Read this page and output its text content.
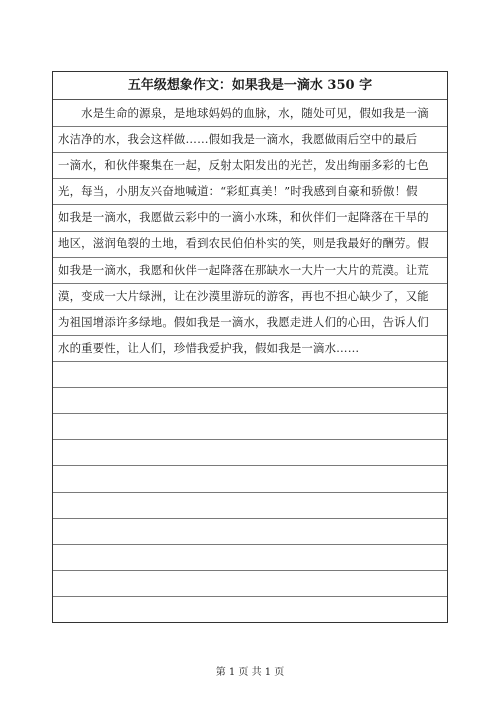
五年级想象作文：如果我是一滴水 350 字
　　水是生命的源泉，是地球妈妈的血脉，水，随处可见，假如我是一滴
水洁净的水，我会这样做……假如我是一滴水，我愿做雨后空中的最后
一滴水，和伙伴聚集在一起，反射太阳发出的光芒，发出绚丽多彩的七色
光，每当，小朋友兴奋地喊道：“彩虹真美！”时我感到自豪和骄傲！假
如我是一滴水，我愿做云彩中的一滴小水珠，和伙伴们一起降落在干旱的
地区，滋润龟裂的土地，看到农民伯伯朴实的笑，则是我最好的酬劳。假
如我是一滴水，我愿和伙伴一起降落在那缺水一大片一大片的荒漠。让荒
漠，变成一大片绿洲，让在沙漠里游玩的游客，再也不担心缺少了，又能
为祖国增添许多绿地。假如我是一滴水，我愿走进人们的心田，告诉人们
水的重要性，让人们，珍惜我爱护我，假如我是一滴水……
第 1 页 共 1 页
